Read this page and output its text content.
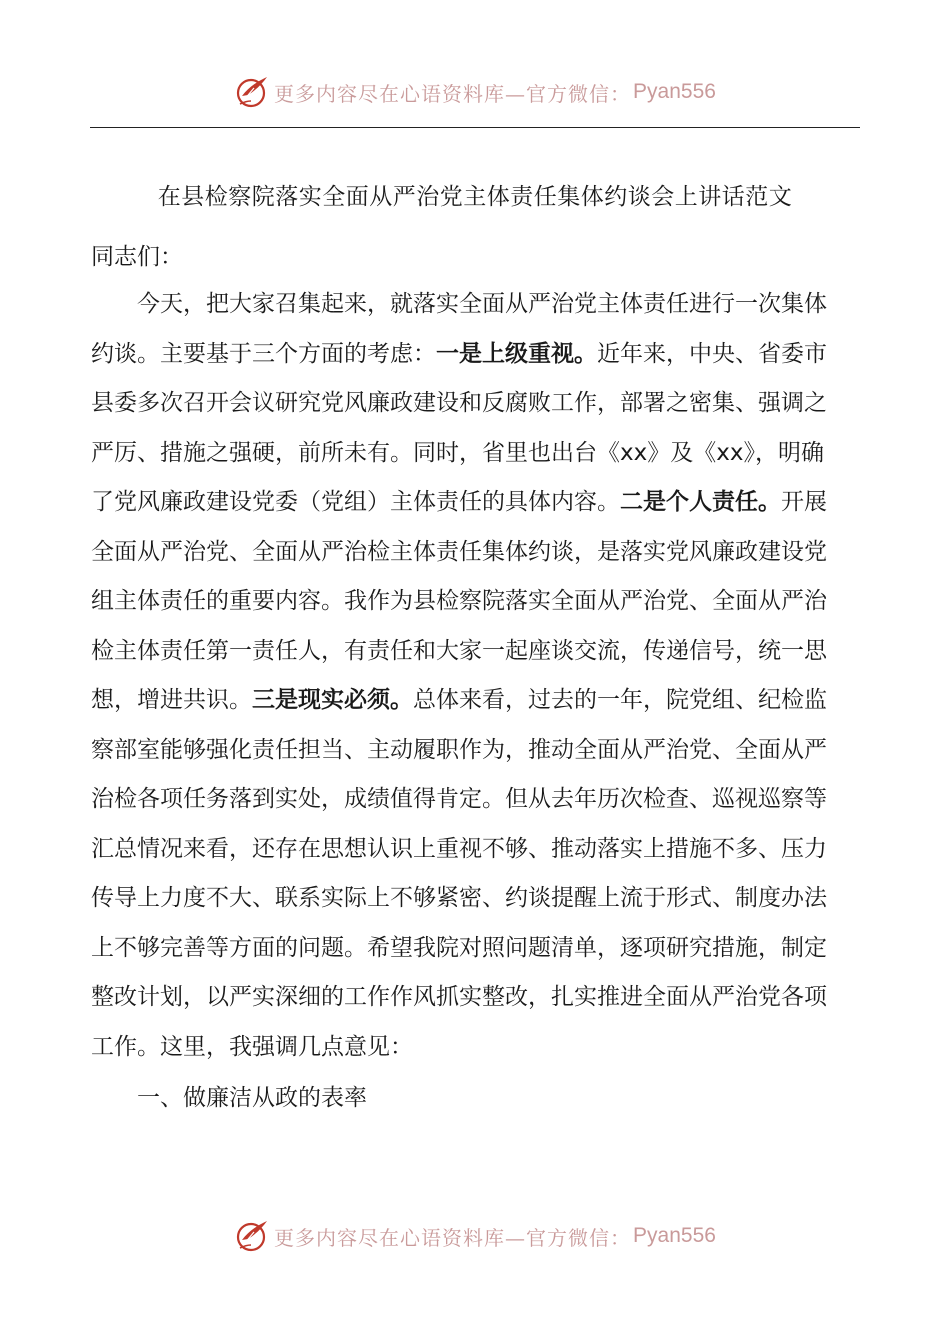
更多内容尽在心语资料库—官方微信： Pyan556
在县检察院落实全面从严治党主体责任集体约谈会上讲话范文
同志们：
今天，把大家召集起来，就落实全面从严治党主体责任进行一次集体
约谈。主要基于三个方面的考虑：一是上级重视。近年来，中央、省委市
县委多次召开会议研究党风廉政建设和反腐败工作，部署之密集、强调之
严厉、措施之强硬，前所未有。同时，省里也出台《xx》及《xx》，明确
了党风廉政建设党委（党组）主体责任的具体内容。二是个人责任。开展
全面从严治党、全面从严治检主体责任集体约谈，是落实党风廉政建设党
组主体责任的重要内容。我作为县检察院落实全面从严治党、全面从严治
检主体责任第一责任人，有责任和大家一起座谈交流，传递信号，统一思
想，增进共识。三是现实必须。总体来看，过去的一年，院党组、纪检监
察部室能够强化责任担当、主动履职作为，推动全面从严治党、全面从严
治检各项任务落到实处，成绩值得肯定。但从去年历次检查、巡视巡察等
汇总情况来看，还存在思想认识上重视不够、推动落实上措施不多、压力
传导上力度不大、联系实际上不够紧密、约谈提醒上流于形式、制度办法
上不够完善等方面的问题。希望我院对照问题清单，逐项研究措施，制定
整改计划，以严实深细的工作作风抓实整改，扎实推进全面从严治党各项
工作。这里，我强调几点意见：
一、做廉洁从政的表率
更多内容尽在心语资料库—官方微信： Pyan556
